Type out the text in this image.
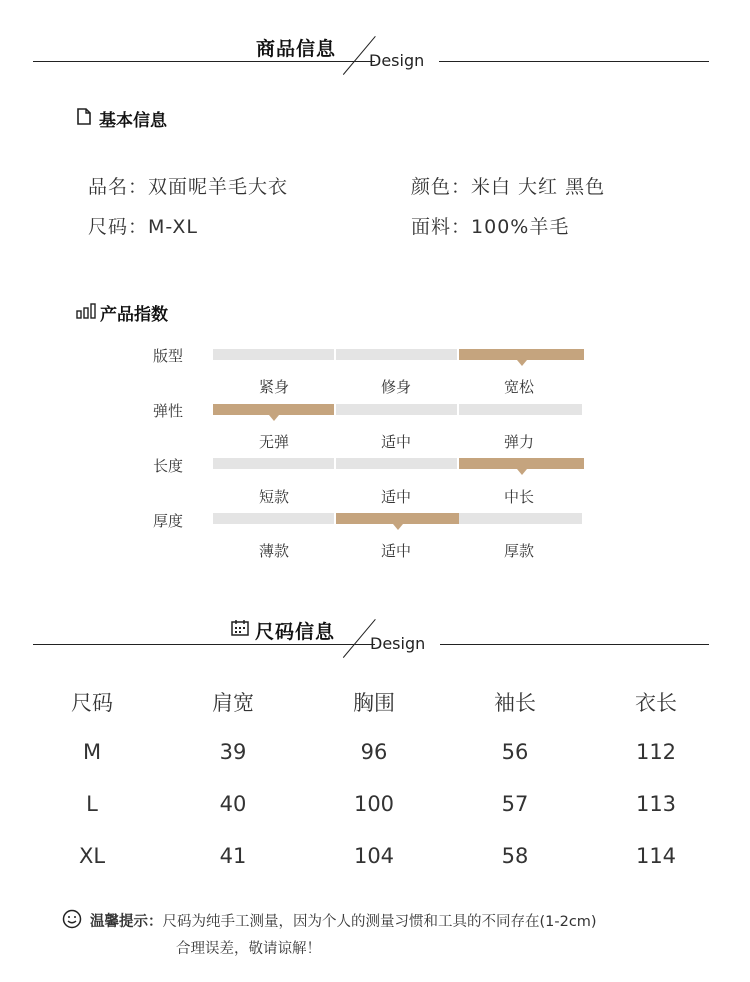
商品信息
Design
基本信息
品名：双面呢羊毛大衣	颜色：米白 大红 黑色
尺码：M-XL	面料：100%羊毛
产品指数
版型
紧身	修身	宽松
弹性
无弹	适中	弹力
长度
短款	适中	中长
厚度
薄款	适中	厚款
尺码信息
Design
尺码	肩宽	胸围	袖长	衣长
M	39	96	56	112
L	40	100	57	113
XL	41	104	58	114
温馨提示：尺码为纯手工测量，因为个人的测量习惯和工具的不同存在(1-2cm)
合理误差，敬请谅解！
